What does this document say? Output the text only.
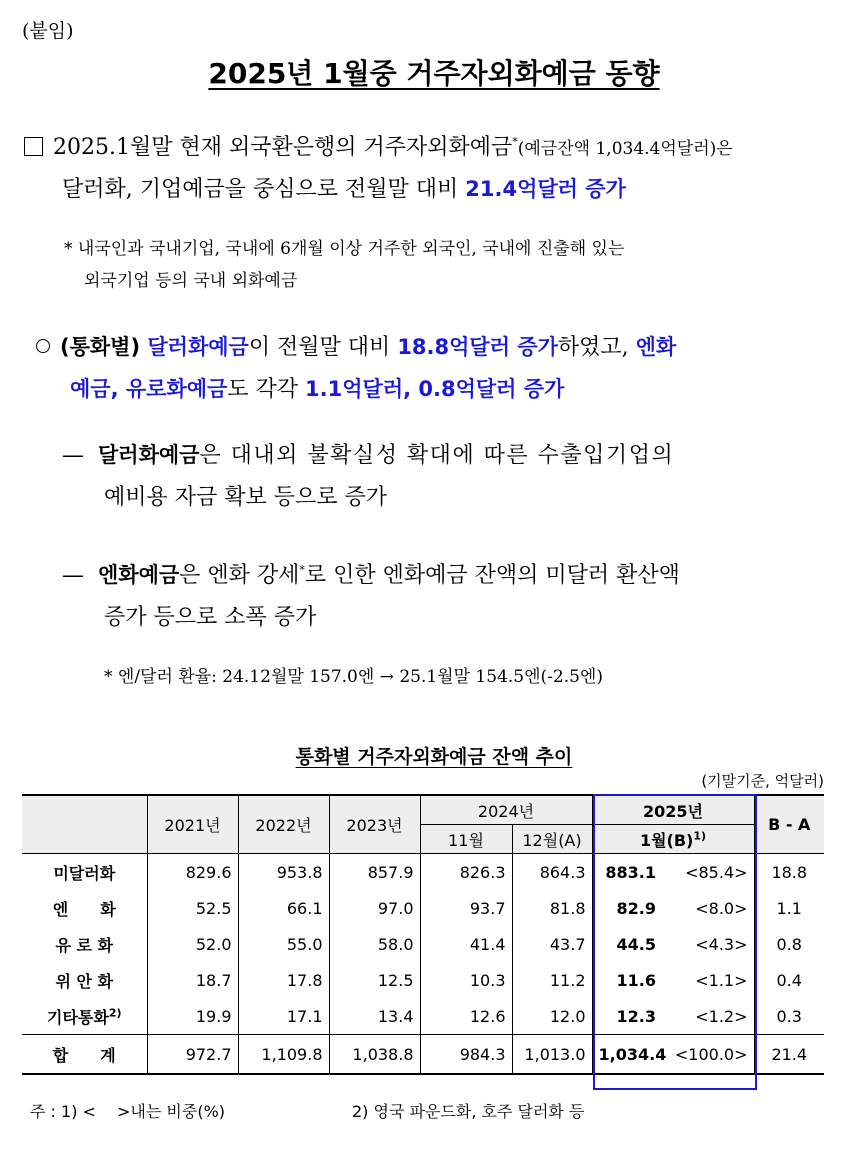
(붙임)
2025년 1월중 거주자외화예금 동향
2025.1월말 현재 외국환은행의 거주자외화예금*(예금잔액 1,034.4억달러)은
달러화, 기업예금을 중심으로 전월말 대비 21.4억달러 증가
* 내국인과 국내기업, 국내에 6개월 이상 거주한 외국인, 국내에 진출해 있는
외국기업 등의 국내 외화예금
(통화별) 달러화예금이 전월말 대비 18.8억달러 증가하였고, 엔화
예금, 유로화예금도 각각 1.1억달러, 0.8억달러 증가
—  달러화예금은 대내외 불확실성 확대에 따른 수출입기업의
예비용 자금 확보 등으로 증가
—  엔화예금은 엔화 강세*로 인한 엔화예금 잔액의 미달러 환산액
증가 등으로 소폭 증가
* 엔/달러 환율: 24.12월말 157.0엔 → 25.1월말 154.5엔(-2.5엔)
통화별 거주자외화예금 잔액 추이
(기말기준, 억달러)
	2021년	2022년	2023년	2024년		2025년		B - A
				11월	12월(A)	1월$(B)^{1)}$
미달러화	829.6	953.8	857.9	826.3	864.3	883.1	<85.4>	18.8
엔　　화	52.5	66.1	97.0	93.7	81.8	82.9	<8.0>	1.1
유 로 화	52.0	55.0	58.0	41.4	43.7	44.5	<4.3>	0.8
위 안 화	18.7	17.8	12.5	10.3	11.2	11.6	<1.1>	0.4
기타통화$^{2)}$	19.9	17.1	13.4	12.6	12.0	12.3	<1.2>	0.3
합　　계	972.7	1,109.8	1,038.8	984.3	1,013.0	1,034.4	<100.0>	21.4
주 : 1) <　 >내는 비중(%)	2) 영국 파운드화, 호주 달러화 등
